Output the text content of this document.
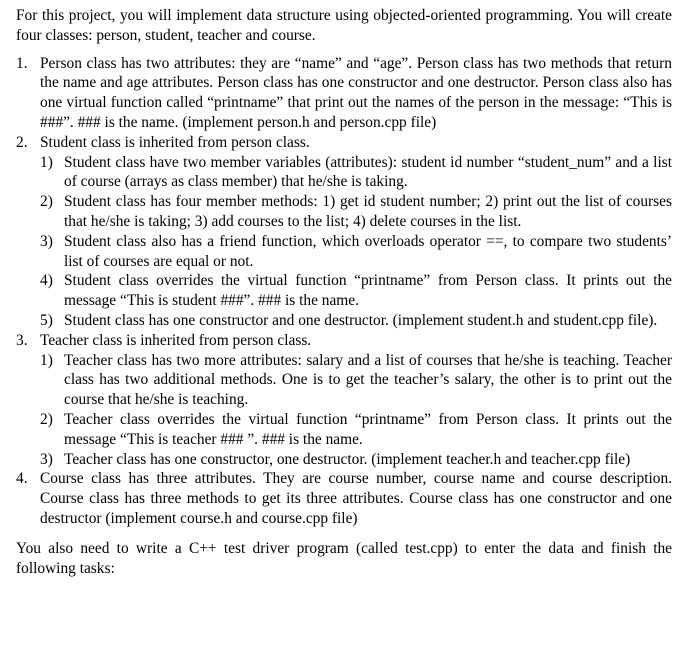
For this project, you will implement data structure using objected-oriented programming. You will create four classes: person, student, teacher and course.

1. Person class has two attributes: they are “name” and “age”. Person class has two methods that return the name and age attributes. Person class has one constructor and one destructor. Person class also has one virtual function called “printname” that print out the names of the person in the message: “This is ###”. ### is the name. (implement person.h and person.cpp file)

2. Student class is inherited from person class.

1) Student class have two member variables (attributes): student id number “student_num” and a list of course (arrays as class member) that he/she is taking.

2) Student class has four member methods: 1) get id student number; 2) print out the list of courses that he/she is taking; 3) add courses to the list; 4) delete courses in the list.

3) Student class also has a friend function, which overloads operator ==, to compare two students’ list of courses are equal or not.

4) Student class overrides the virtual function “printname” from Person class. It prints out the message “This is student ###”. ### is the name.

5) Student class has one constructor and one destructor. (implement student.h and student.cpp file).

3. Teacher class is inherited from person class.

1) Teacher class has two more attributes: salary and a list of courses that he/she is teaching. Teacher class has two additional methods. One is to get the teacher’s salary, the other is to print out the course that he/she is teaching.

2) Teacher class overrides the virtual function “printname” from Person class. It prints out the message “This is teacher ### ”. ### is the name.

3) Teacher class has one constructor, one destructor. (implement teacher.h and teacher.cpp file)

4. Course class has three attributes. They are course number, course name and course description. Course class has three methods to get its three attributes. Course class has one constructor and one destructor (implement course.h and course.cpp file)

You also need to write a C++ test driver program (called test.cpp) to enter the data and finish the following tasks:
